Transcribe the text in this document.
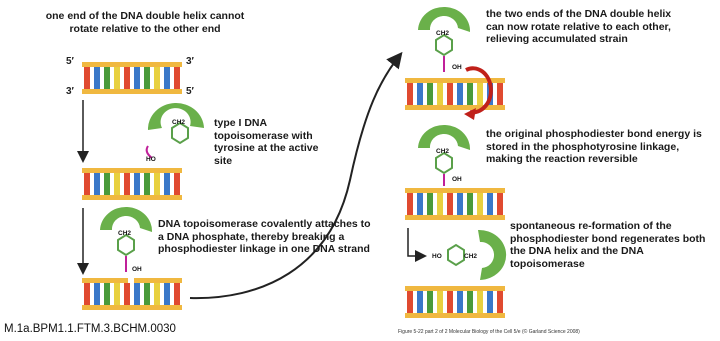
5′	3′
3′	5′
CH2
HO
CH2
OH
CH2
OH
CH2
OH
HO	CH2
one end of the DNA double helix cannot rotate relative to the other end
type I DNA topoisomerase with tyrosine at the active site
DNA topoisomerase covalently attaches to a DNA phosphate, thereby breaking a phosphodiester linkage in one DNA strand
the two ends of the DNA double helix can now rotate relative to each other, relieving accumulated strain
the original phosphodiester bond energy is stored in the phosphotyrosine linkage, making the reaction reversible
spontaneous re-formation of the phosphodiester bond regenerates both the DNA helix and the DNA topoisomerase
M.1a.BPM1.1.FTM.3.BCHM.0030	Figure 5-22 part 2 of 2 Molecular Biology of the Cell 5/e (© Garland Science 2008)
